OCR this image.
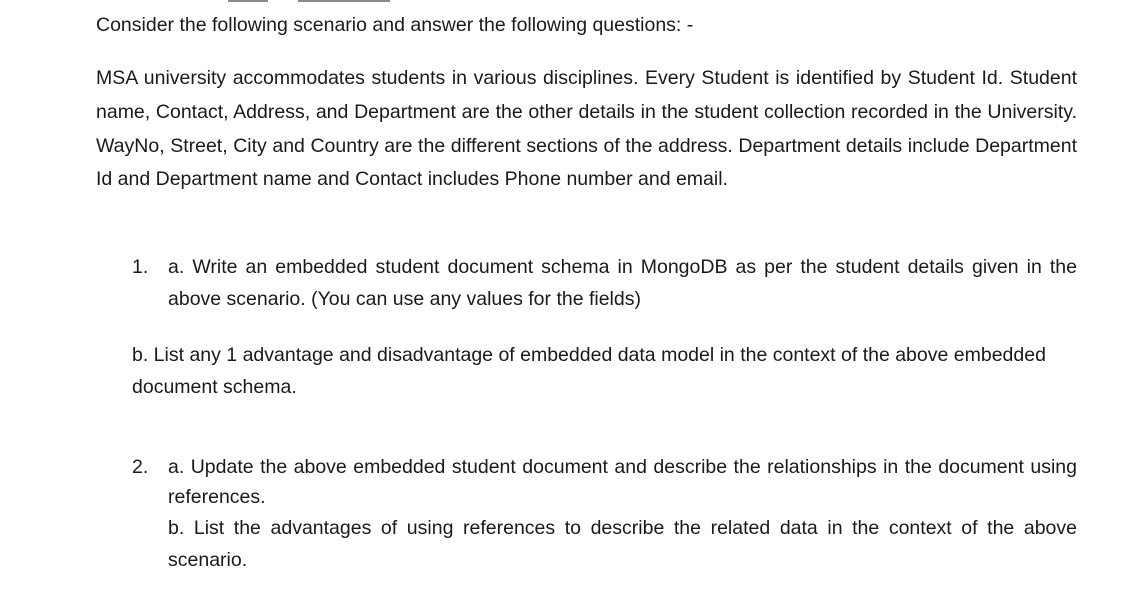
Consider the following scenario and answer the following questions: -

MSA university accommodates students in various disciplines. Every Student is identified by Student Id. Student name, Contact, Address, and Department are the other details in the student collection recorded in the University. WayNo, Street, City and Country are the different sections of the address. Department details include Department Id and Department name and Contact includes Phone number and email.

1. a. Write an embedded student document schema in MongoDB as per the student details given in the above scenario. (You can use any values for the fields)

b. List any 1 advantage and disadvantage of embedded data model in the context of the above embedded document schema.

2. a. Update the above embedded student document and describe the relationships in the document using references.

b. List the advantages of using references to describe the related data in the context of the above scenario.
